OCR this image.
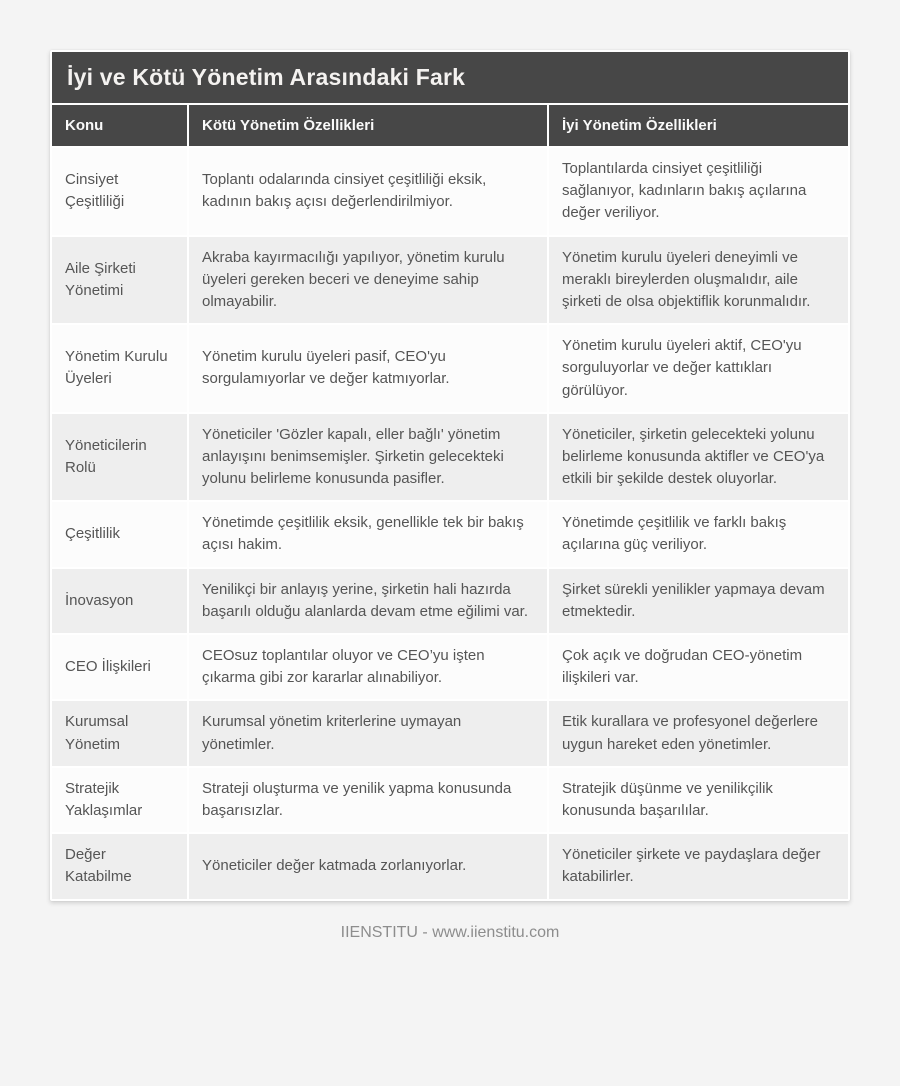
İyi ve Kötü Yönetim Arasındaki Fark		
Konu	Kötü Yönetim Özellikleri	İyi Yönetim Özellikleri
Cinsiyet Çeşitliliği	Toplantı odalarında cinsiyet çeşitliliği eksik, kadının bakış açısı değerlendirilmiyor.	Toplantılarda cinsiyet çeşitliliği sağlanıyor, kadınların bakış açılarına değer veriliyor.
Aile Şirketi Yönetimi	Akraba kayırmacılığı yapılıyor, yönetim kurulu üyeleri gereken beceri ve deneyime sahip olmayabilir.	Yönetim kurulu üyeleri deneyimli ve meraklı bireylerden oluşmalıdır, aile şirketi de olsa objektiflik korunmalıdır.
Yönetim Kurulu Üyeleri	Yönetim kurulu üyeleri pasif, CEO'yu sorgulamıyorlar ve değer katmıyorlar.	Yönetim kurulu üyeleri aktif, CEO'yu sorguluyorlar ve değer kattıkları görülüyor.
Yöneticilerin Rolü	Yöneticiler 'Gözler kapalı, eller bağlı' yönetim anlayışını benimsemişler. Şirketin gelecekteki yolunu belirleme konusunda pasifler.	Yöneticiler, şirketin gelecekteki yolunu belirleme konusunda aktifler ve CEO'ya etkili bir şekilde destek oluyorlar.
Çeşitlilik	Yönetimde çeşitlilik eksik, genellikle tek bir bakış açısı hakim.	Yönetimde çeşitlilik ve farklı bakış açılarına güç veriliyor.
İnovasyon	Yenilikçi bir anlayış yerine, şirketin hali hazırda başarılı olduğu alanlarda devam etme eğilimi var.	Şirket sürekli yenilikler yapmaya devam etmektedir.
CEO İlişkileri	CEOsuz toplantılar oluyor ve CEO’yu işten çıkarma gibi zor kararlar alınabiliyor.	Çok açık ve doğrudan CEO-yönetim ilişkileri var.
Kurumsal Yönetim	Kurumsal yönetim kriterlerine uymayan yönetimler.	Etik kurallara ve profesyonel değerlere uygun hareket eden yönetimler.
Stratejik Yaklaşımlar	Strateji oluşturma ve yenilik yapma konusunda başarısızlar.	Stratejik düşünme ve yenilikçilik konusunda başarılılar.
Değer Katabilme	Yöneticiler değer katmada zorlanıyorlar.	Yöneticiler şirkete ve paydaşlara değer katabilirler.
IIENSTITU - www.iienstitu.com
